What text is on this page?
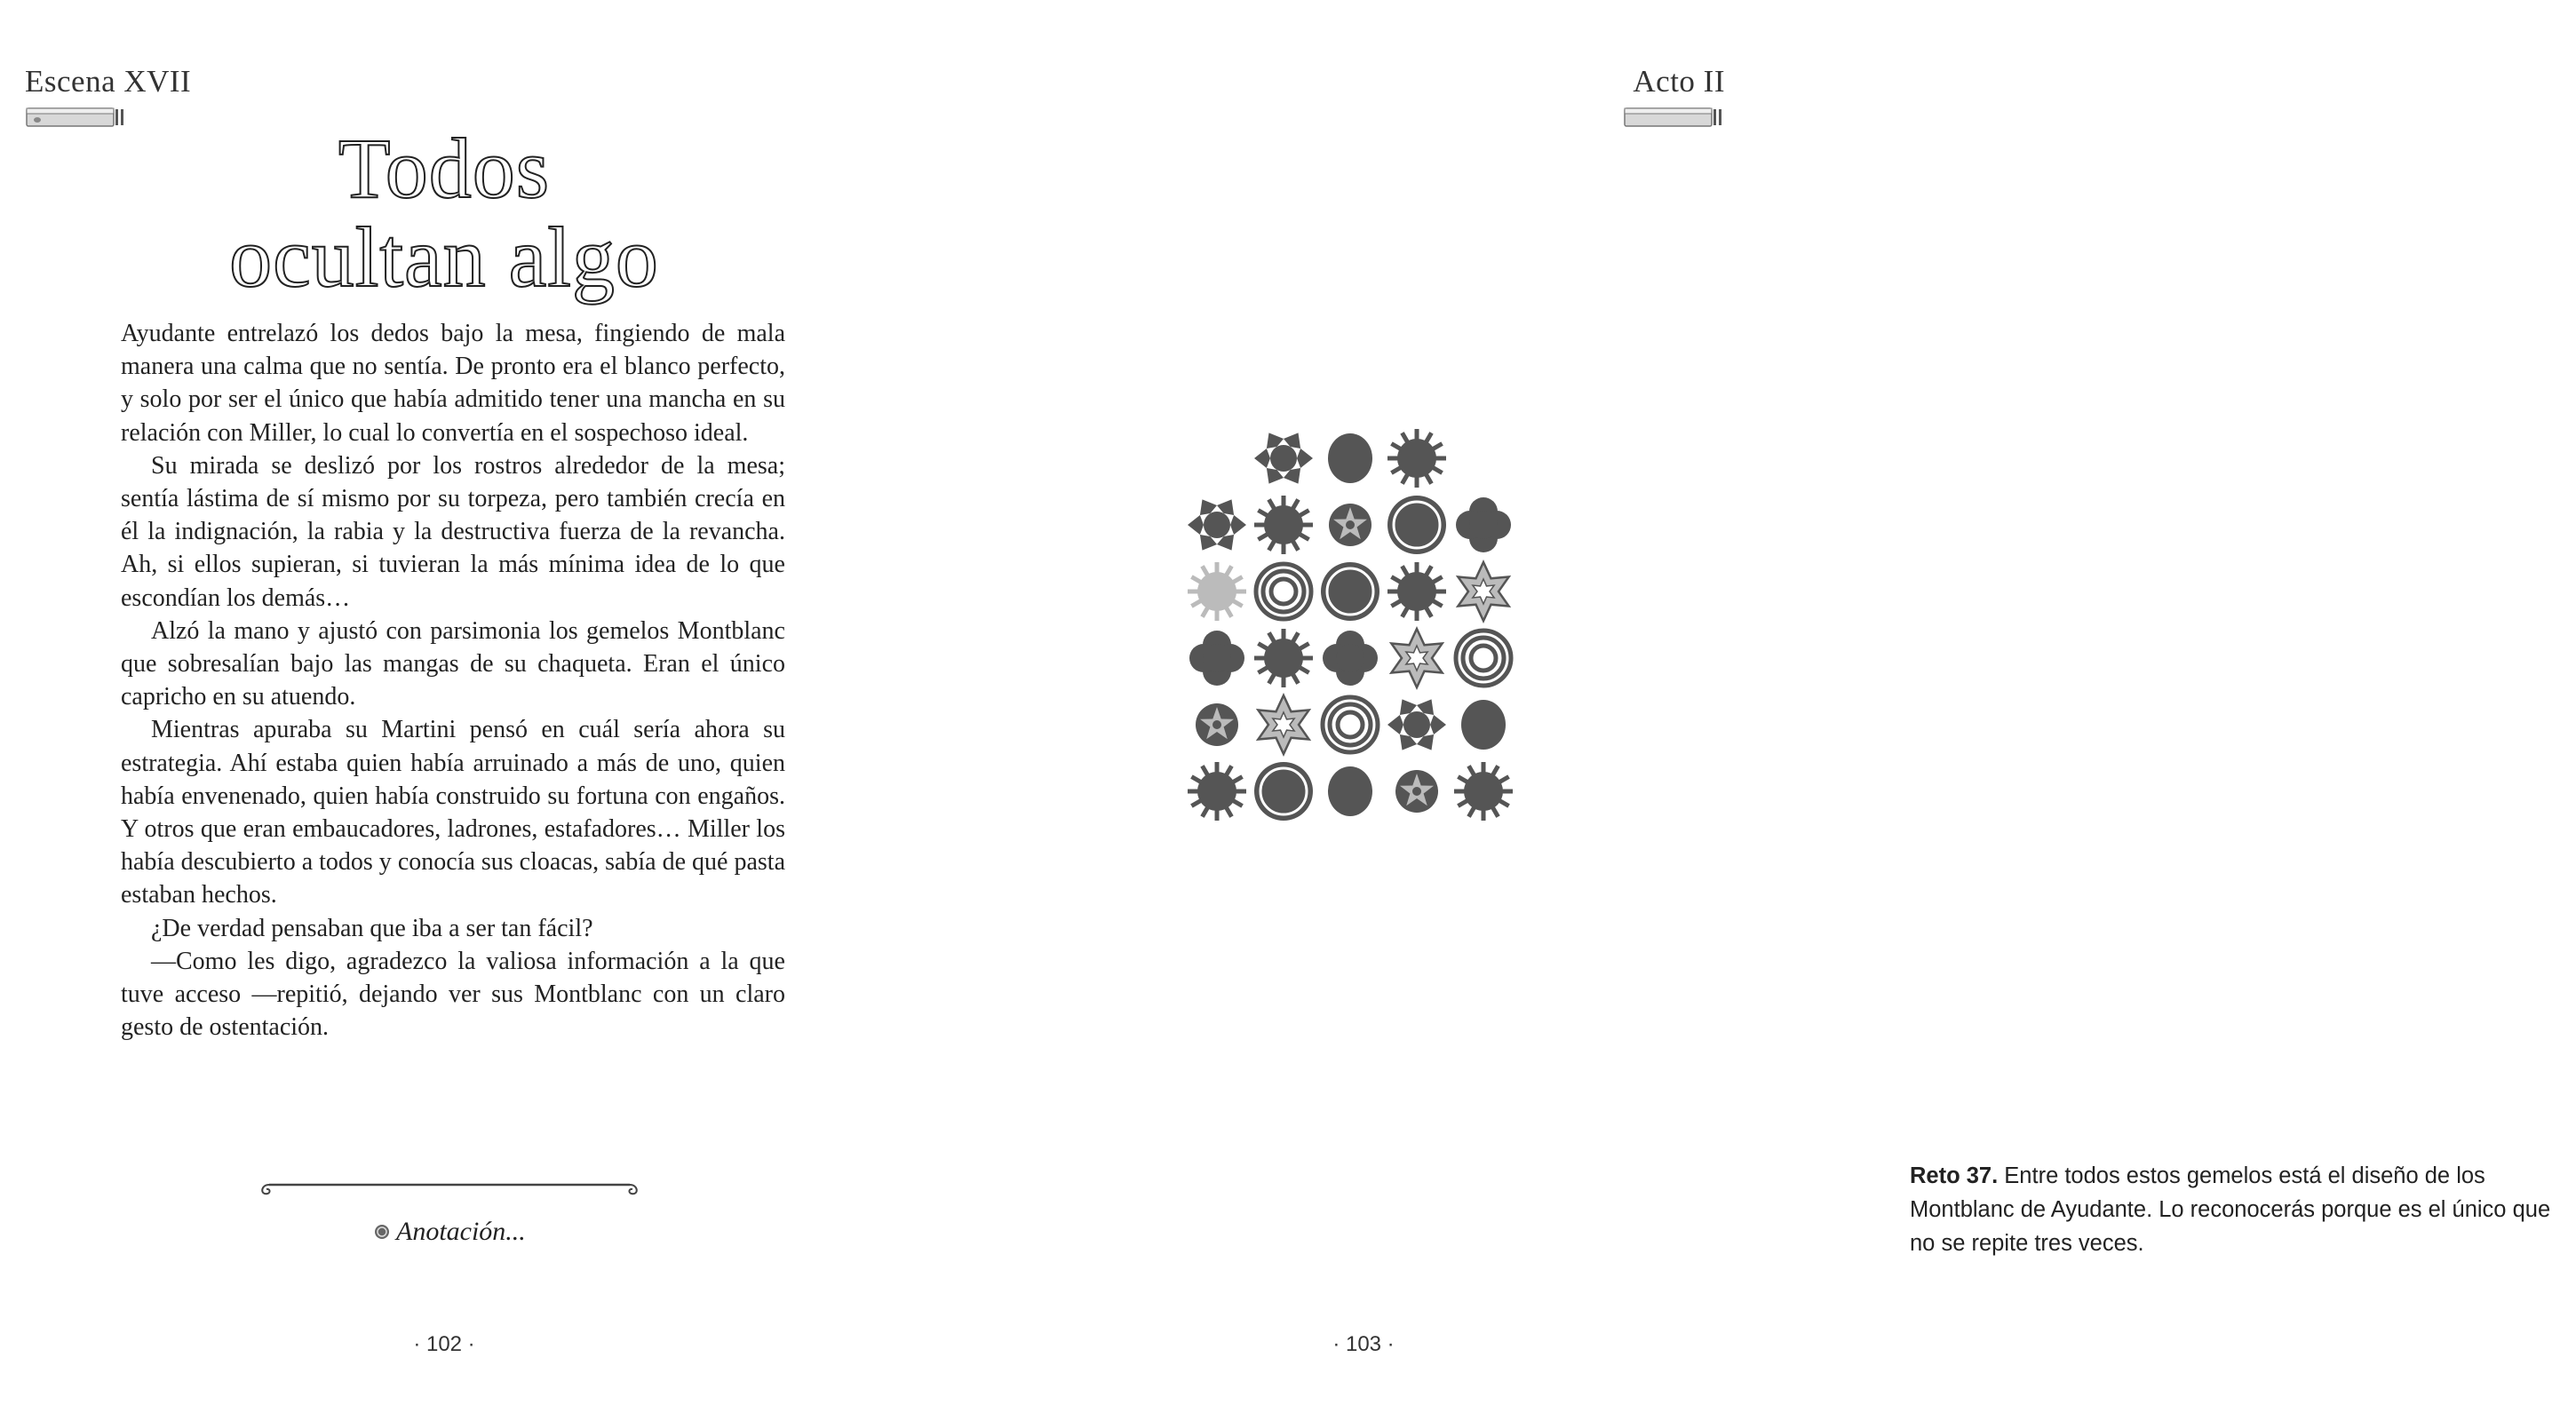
Escena XVII
Todos
ocultan algo

Ayudante entrelazó los dedos bajo la mesa, fingiendo de mala manera una calma que no sentía. De pronto era el blanco perfecto, y solo por ser el único que había admitido tener una mancha en su relación con Miller, lo cual lo convertía en el sospechoso ideal.

Su mirada se deslizó por los rostros alrededor de la mesa; sentía lástima de sí mismo por su torpeza, pero también crecía en él la indignación, la rabia y la destructiva fuerza de la revancha. Ah, si ellos supieran, si tuvieran la más mínima idea de lo que escondían los demás…

Alzó la mano y ajustó con parsimonia los gemelos Montblanc que sobresalían bajo las mangas de su chaqueta. Eran el único capricho en su atuendo.

Mientras apuraba su Martini pensó en cuál sería ahora su estrategia. Ahí estaba quien había arruinado a más de uno, quien había envenenado, quien había construido su fortuna con engaños. Y otros que eran embaucadores, ladrones, estafadores… Miller los había descubierto a todos y conocía sus cloacas, sabía de qué pasta estaban hechos.

¿De verdad pensaban que iba a ser tan fácil?

—Como les digo, agradezco la valiosa información a la que tuve acceso —repitió, dejando ver sus Montblanc con un claro gesto de ostentación.

Anotación...
· 102 ·
Acto II
· 103 ·
Reto 37. Entre todos estos gemelos está el diseño de los Montblanc de Ayudante. Lo reconocerás porque es el único que no se repite tres veces.
